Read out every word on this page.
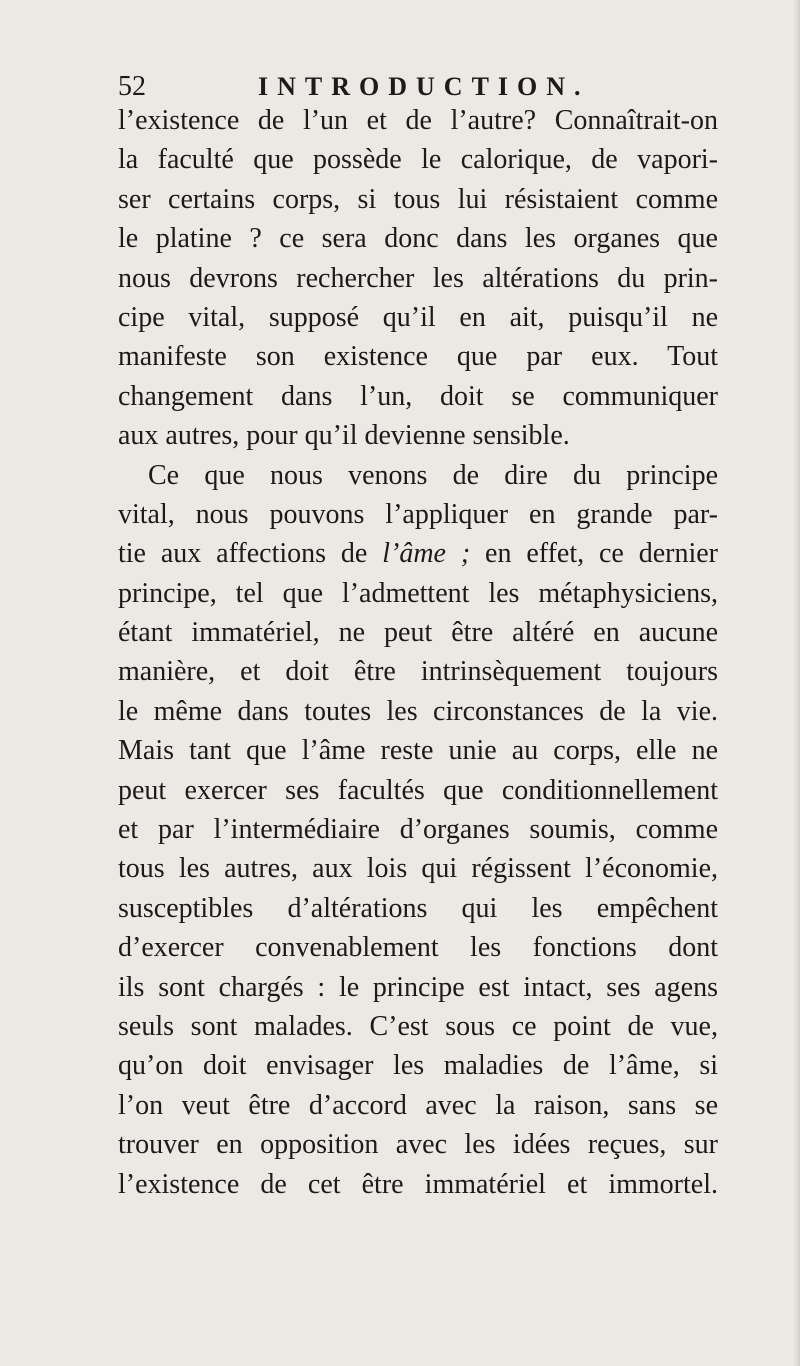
52	INTRODUCTION.
l’existence de l’un et de l’autre? Connaîtrait-on
la faculté que possède le calorique, de vapori-
ser certains corps, si tous lui résistaient comme
le platine ? ce sera donc dans les organes que
nous devrons rechercher les altérations du prin-
cipe vital, supposé qu’il en ait, puisqu’il ne
manifeste son existence que par eux. Tout
changement dans l’un, doit se communiquer
aux autres, pour qu’il devienne sensible.
Ce que nous venons de dire du principe
vital, nous pouvons l’appliquer en grande par-
tie aux affections de l’âme ; en effet, ce dernier
principe, tel que l’admettent les métaphysiciens,
étant immatériel, ne peut être altéré en aucune
manière, et doit être intrinsèquement toujours
le même dans toutes les circonstances de la vie.
Mais tant que l’âme reste unie au corps, elle ne
peut exercer ses facultés que conditionnellement
et par l’intermédiaire d’organes soumis, comme
tous les autres, aux lois qui régissent l’économie,
susceptibles d’altérations qui les empêchent
d’exercer convenablement les fonctions dont
ils sont chargés : le principe est intact, ses agens
seuls sont malades. C’est sous ce point de vue,
qu’on doit envisager les maladies de l’âme, si
l’on veut être d’accord avec la raison, sans se
trouver en opposition avec les idées reçues, sur
l’existence de cet être immatériel et immortel.
